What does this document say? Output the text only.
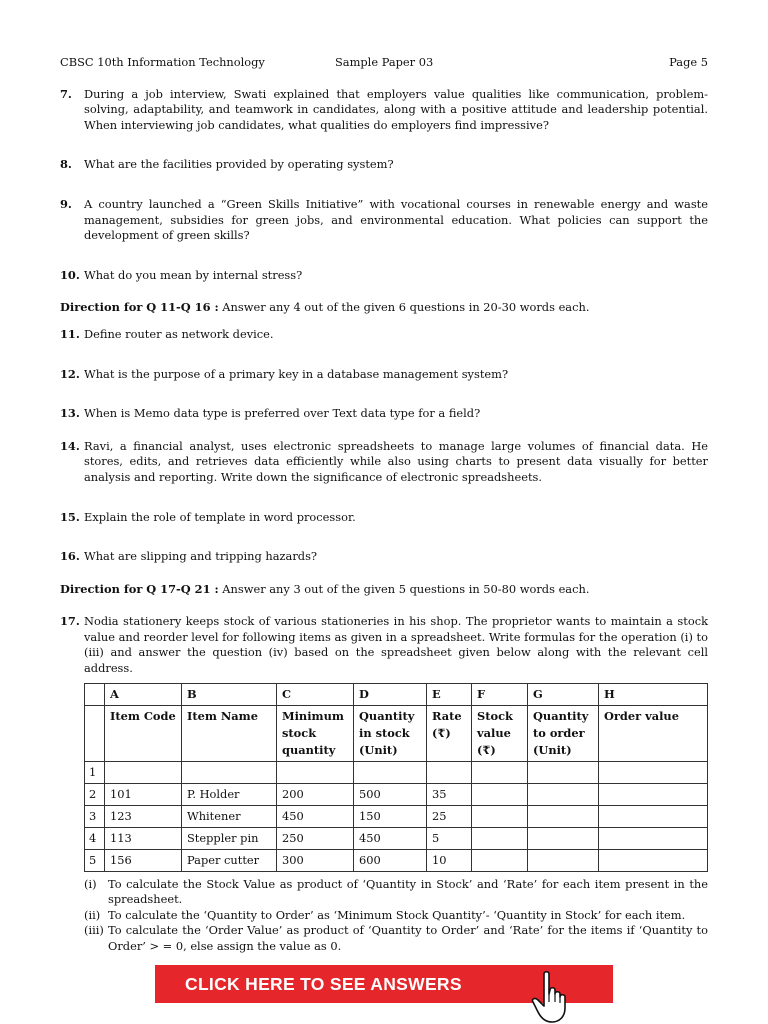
CBSC 10th Information Technology	Sample Paper 03	Page 5
7.	During a job interview, Swati explained that employers value qualities like communication, problem-solving, adaptability, and teamwork in candidates, along with a positive attitude and leadership potential. When interviewing job candidates, what qualities do employers find impressive?
8.	What are the facilities provided by operating system?
9.	A country launched a “Green Skills Initiative” with vocational courses in renewable energy and waste management, subsidies for green jobs, and environmental education. What policies can support the development of green skills?
10. What do you mean by internal stress?
Direction for Q 11-Q 16 : Answer any 4 out of the given 6 questions in 20-30 words each.
11. Define router as network device.
12. What is the purpose of a primary key in a database management system?
13. When is Memo data type is preferred over Text data type for a field?
14. Ravi, a financial analyst, uses electronic spreadsheets to manage large volumes of financial data. He stores, edits, and retrieves data efficiently while also using charts to present data visually for better analysis and reporting. Write down the significance of electronic spreadsheets.
15. Explain the role of template in word processor.
16. What are slipping and tripping hazards?
Direction for Q 17-Q 21 : Answer any 3 out of the given 5 questions in 50-80 words each.
17. Nodia stationery keeps stock of various stationeries in his shop. The proprietor wants to maintain a stock value and reorder level for following items as given in a spreadsheet. Write formulas for the operation (i) to (iii) and answer the question (iv) based on the spreadsheet given below along with the relevant cell address.
	A	B	C	D	E	F	G	H
	Item Code	Item Name	Minimum stock quantity	Quantity in stock (Unit)	Rate (₹)	Stock value (₹)	Quantity to order (Unit)	Order value
1								
2	101	P. Holder	200	500	35			
3	123	Whitener	450	150	25			
4	113	Steppler pin	250	450	5			
5	156	Paper cutter	300	600	10			
(i)	To calculate the Stock Value as product of ‘Quantity in Stock’ and ‘Rate’ for each item present in the spreadsheet.
(ii) To calculate the ‘Quantity to Order’ as ‘Minimum Stock Quantity’- ‘Quantity in Stock’ for each item.
(iii) To calculate the ‘Order Value’ as product of ‘Quantity to Order’ and ‘Rate’ for the items if ‘Quantity to Order’ > = 0, else assign the value as 0.
CLICK HERE TO SEE ANSWERS
